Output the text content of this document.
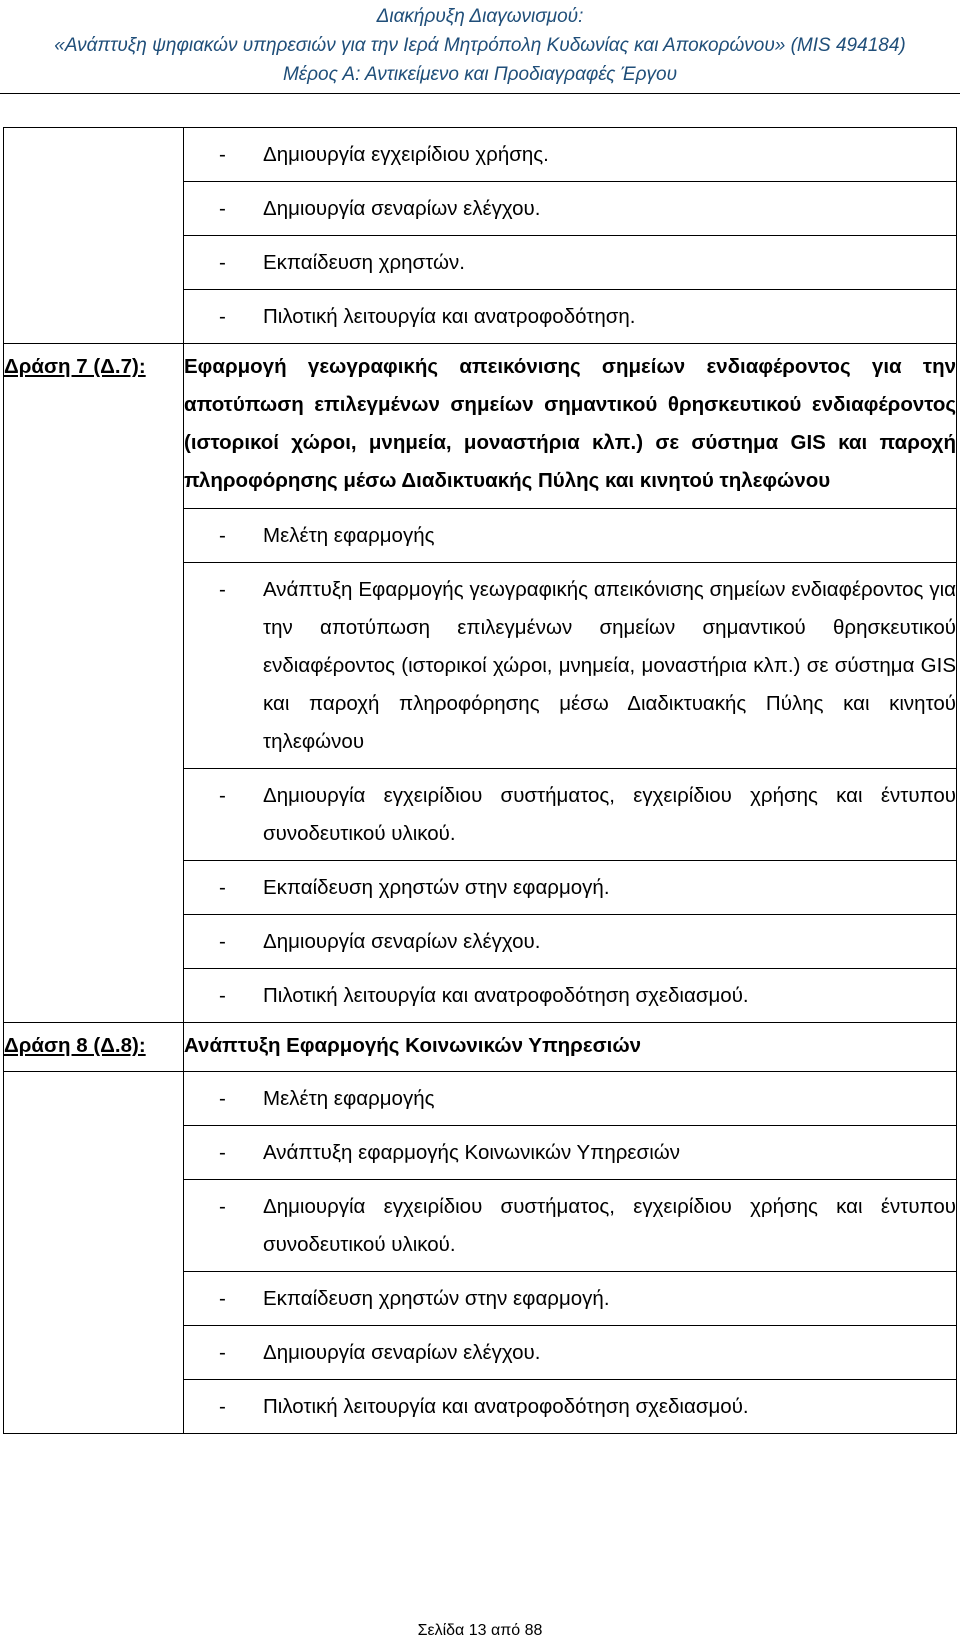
Διακήρυξη Διαγωνισμού:
«Ανάπτυξη ψηφιακών υπηρεσιών για την Ιερά Μητρόπολη Κυδωνίας και Αποκορώνου» (MIS 494184)
Μέρος Α: Αντικείμενο και Προδιαγραφές Έργου

	- Δημιουργία εγχειρίδιου χρήσης.

	- Δημιουργία σεναρίων ελέγχου.

	- Εκπαίδευση χρηστών.

	- Πιλοτική λειτουργία και ανατροφοδότηση.

Δράση 7 (Δ.7):	Εφαρμογή γεωγραφικής απεικόνισης σημείων ενδιαφέροντος για την αποτύπωση επιλεγμένων σημείων σημαντικού θρησκευτικού ενδιαφέροντος (ιστορικοί χώροι, μνημεία, μοναστήρια κλπ.) σε σύστημα GIS και παροχή πληροφόρησης μέσω Διαδικτυακής Πύλης και κινητού τηλεφώνου

	- Μελέτη εφαρμογής

	- Ανάπτυξη Εφαρμογής γεωγραφικής απεικόνισης σημείων ενδιαφέροντος για την αποτύπωση επιλεγμένων σημείων σημαντικού θρησκευτικού ενδιαφέροντος (ιστορικοί χώροι, μνημεία, μοναστήρια κλπ.) σε σύστημα GIS και παροχή πληροφόρησης μέσω Διαδικτυακής Πύλης και κινητού τηλεφώνου

	- Δημιουργία εγχειρίδιου συστήματος, εγχειρίδιου χρήσης και έντυπου συνοδευτικού υλικού.

	- Εκπαίδευση χρηστών στην εφαρμογή.

	- Δημιουργία σεναρίων ελέγχου.

	- Πιλοτική λειτουργία και ανατροφοδότηση σχεδιασμού.

Δράση 8 (Δ.8):	Ανάπτυξη Εφαρμογής Κοινωνικών Υπηρεσιών

	- Μελέτη εφαρμογής

	- Ανάπτυξη εφαρμογής Κοινωνικών Υπηρεσιών

	- Δημιουργία εγχειρίδιου συστήματος, εγχειρίδιου χρήσης και έντυπου συνοδευτικού υλικού.

	- Εκπαίδευση χρηστών στην εφαρμογή.

	- Δημιουργία σεναρίων ελέγχου.

	- Πιλοτική λειτουργία και ανατροφοδότηση σχεδιασμού.
Σελίδα 13 από 88
